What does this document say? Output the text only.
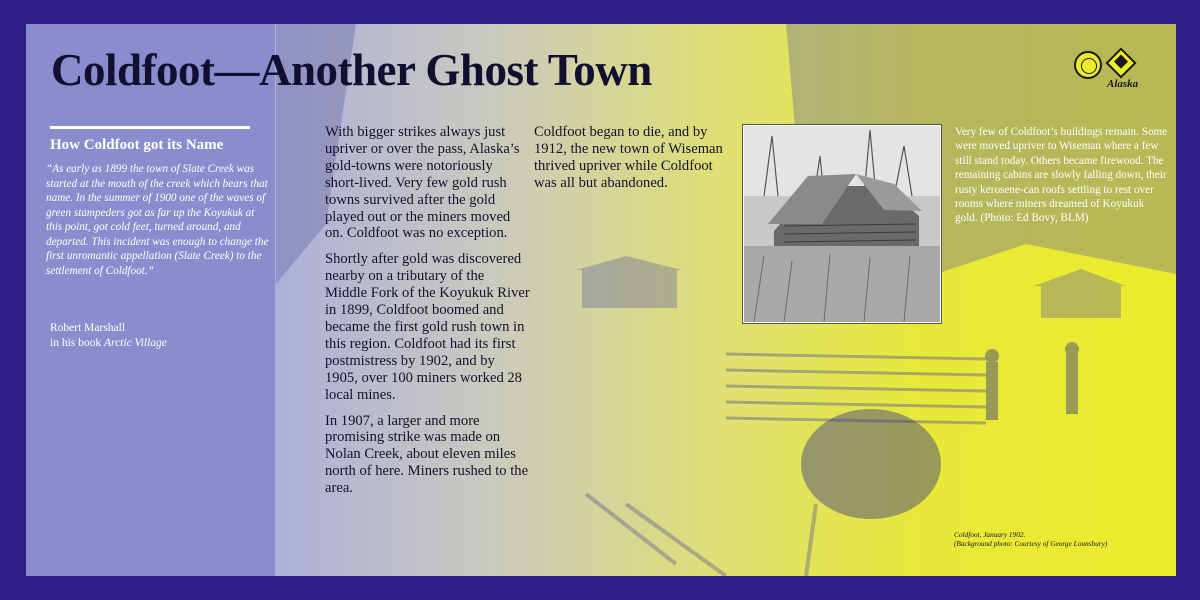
Coldfoot—Another Ghost Town
How Coldfoot got its Name

“As early as 1899 the town of Slate Creek was started at the mouth of the creek which bears that name. In the summer of 1900 one of the waves of green stampeders got as far up the Koyukuk at this point, got cold feet, turned around, and departed. This incident was enough to change the first unromantic appellation (Slate Creek) to the settlement of Coldfoot.”

Robert Marshall
in his book Arctic Village

With bigger strikes always just upriver or over the pass, Alaska’s gold-towns were notoriously short-lived. Very few gold rush towns survived after the gold played out or the miners moved on. Coldfoot was no exception.

Shortly after gold was discovered nearby on a tributary of the Middle Fork of the Koyukuk River in 1899, Coldfoot boomed and became the first gold rush town in this region. Coldfoot had its first postmistress by 1902, and by 1905, over 100 miners worked 28 local mines.

In 1907, a larger and more promising strike was made on Nolan Creek, about eleven miles north of here. Miners rushed to the area.

Coldfoot began to die, and by 1912, the new town of Wiseman thrived upriver while Coldfoot was all but abandoned.

Very few of Coldfoot’s buildings remain. Some were moved upriver to Wiseman where a few still stand today. Others became firewood. The remaining cabins are slowly falling down, their rusty kerosene-can roofs settling to rest over rooms where miners dreamed of Koyukuk gold. (Photo: Ed Bovy, BLM)

Coldfoot, January 1902.
(Background photo: Courtesy of George Lounsbury)

Alaska
